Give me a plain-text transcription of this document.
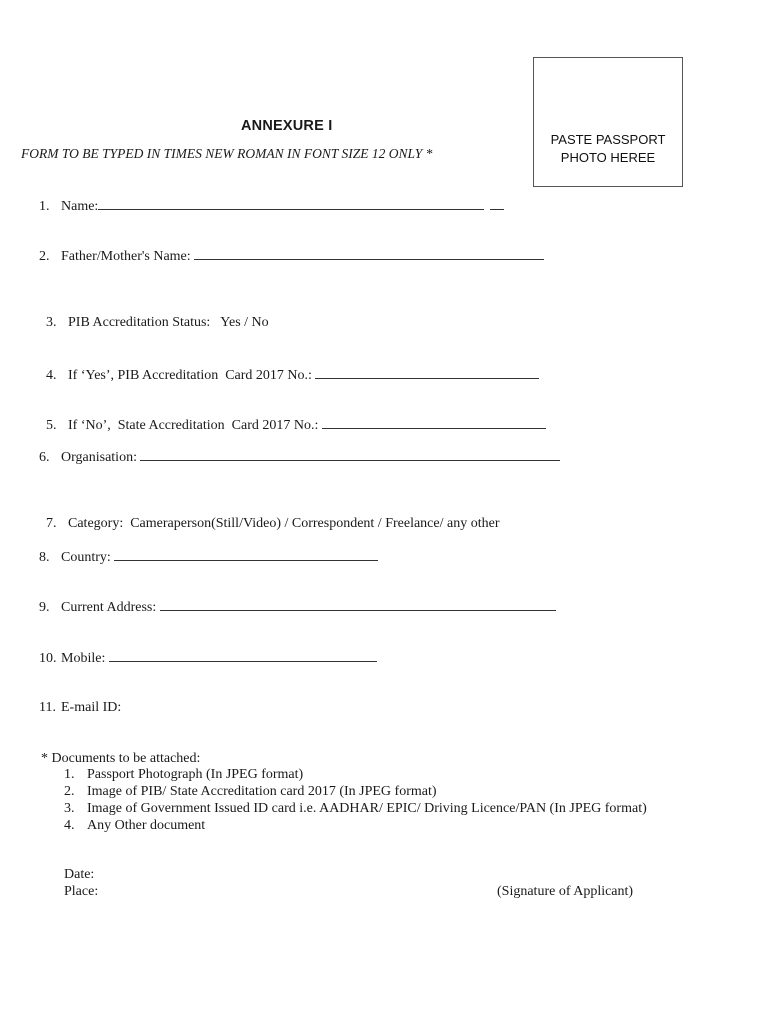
PASTE PASSPORT
PHOTO HEREE
ANNEXURE I
FORM TO BE TYPED IN TIMES NEW ROMAN IN FONT SIZE 12 ONLY *
1. Name:
2. Father/Mother's Name:

3. PIB Accreditation Status:   Yes / No

4. If ‘Yes’, PIB Accreditation  Card 2017 No.:

5. If ‘No’,  State Accreditation  Card 2017 No.:

6. Organisation:

7. Category:  Cameraperson(Still/Video) / Correspondent / Freelance/ any other

8. Country:
9. Current Address:
10. Mobile:
11. E-mail ID:
* Documents to be attached:
1. Passport Photograph (In JPEG format)
2. Image of PIB/ State Accreditation card 2017 (In JPEG format)
3. Image of Government Issued ID card i.e. AADHAR/ EPIC/ Driving Licence/PAN (In JPEG format)
4. Any Other document
Date:
Place:	(Signature of Applicant)
